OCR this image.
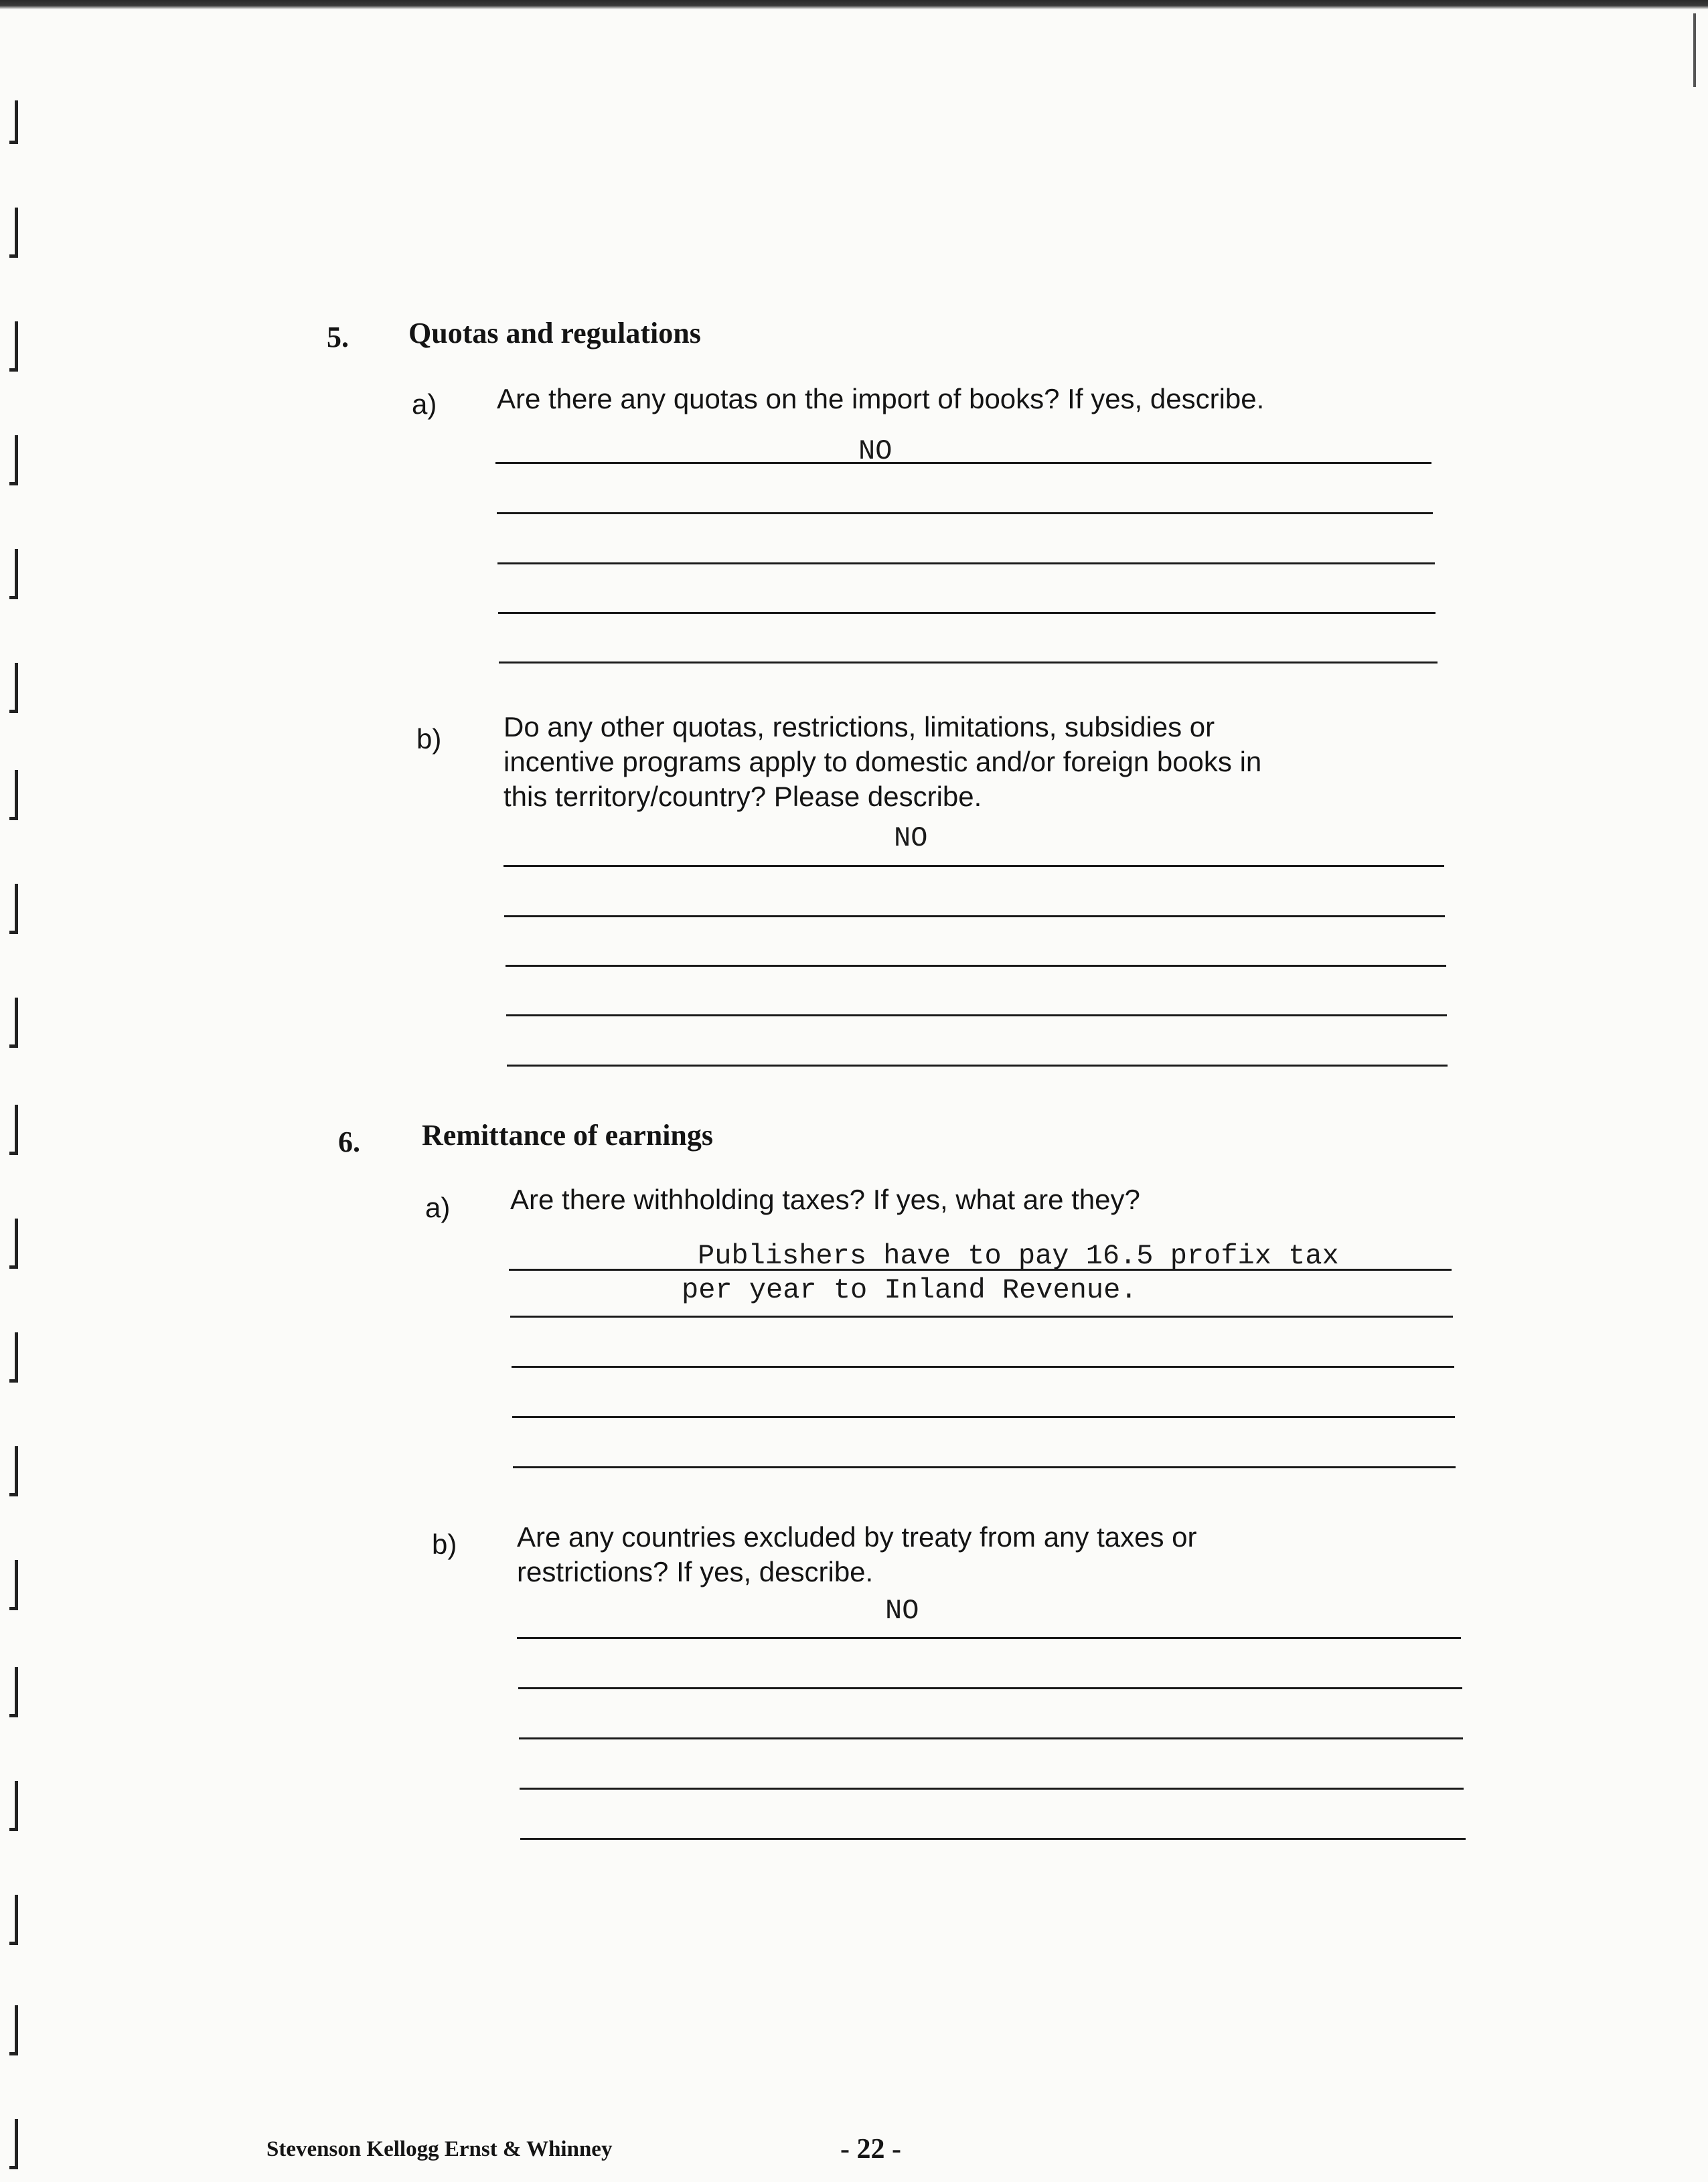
5. Quotas and regulations
a) Are there any quotas on the import of books? If yes, describe.
NO
b) Do any other quotas, restrictions, limitations, subsidies or
incentive programs apply to domestic and/or foreign books in
this territory/country? Please describe.
NO
6. Remittance of earnings
a) Are there withholding taxes? If yes, what are they?
Publishers have to pay 16.5 profix tax
per year to Inland Revenue.
b) Are any countries excluded by treaty from any taxes or
restrictions? If yes, describe.
NO
Stevenson Kellogg Ernst & Whinney	- 22 -
